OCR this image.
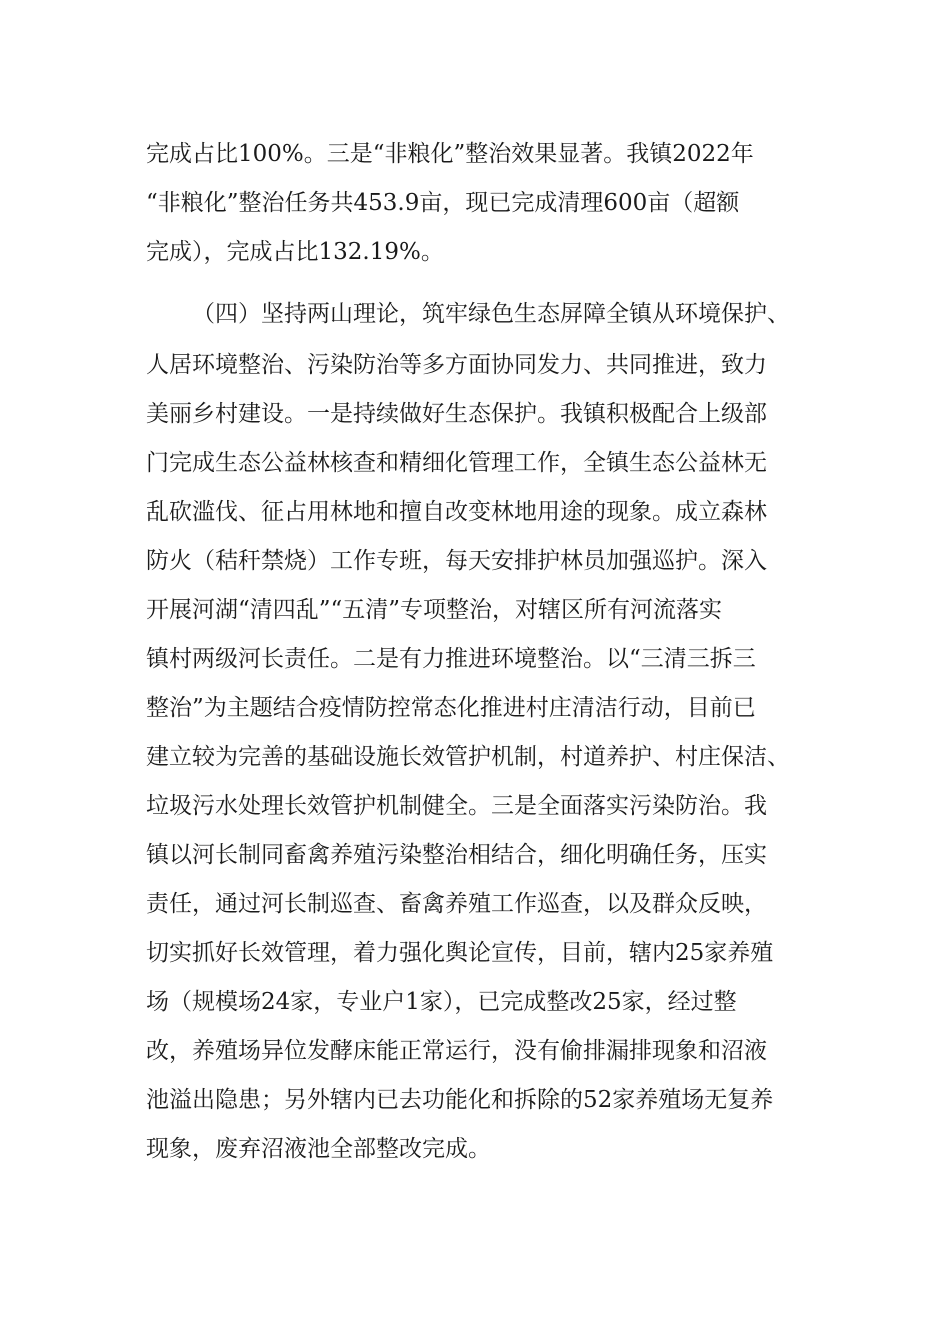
完成占比100%。三是“非粮化”整治效果显著。我镇2022年
“非粮化”整治任务共453.9亩，现已完成清理600亩（超额
完成），完成占比132.19%。
（四）坚持两山理论，筑牢绿色生态屏障全镇从环境保护、
人居环境整治、污染防治等多方面协同发力、共同推进，致力
美丽乡村建设。一是持续做好生态保护。我镇积极配合上级部
门完成生态公益林核查和精细化管理工作，全镇生态公益林无
乱砍滥伐、征占用林地和擅自改变林地用途的现象。成立森林
防火（秸秆禁烧）工作专班，每天安排护林员加强巡护。深入
开展河湖“清四乱”“五清”专项整治，对辖区所有河流落实
镇村两级河长责任。二是有力推进环境整治。以“三清三拆三
整治”为主题结合疫情防控常态化推进村庄清洁行动，目前已
建立较为完善的基础设施长效管护机制，村道养护、村庄保洁、
垃圾污水处理长效管护机制健全。三是全面落实污染防治。我
镇以河长制同畜禽养殖污染整治相结合，细化明确任务，压实
责任，通过河长制巡查、畜禽养殖工作巡查，以及群众反映，
切实抓好长效管理，着力强化舆论宣传，目前，辖内25家养殖
场（规模场24家，专业户1家），已完成整改25家，经过整
改，养殖场异位发酵床能正常运行，没有偷排漏排现象和沼液
池溢出隐患；另外辖内已去功能化和拆除的52家养殖场无复养
现象，废弃沼液池全部整改完成。
